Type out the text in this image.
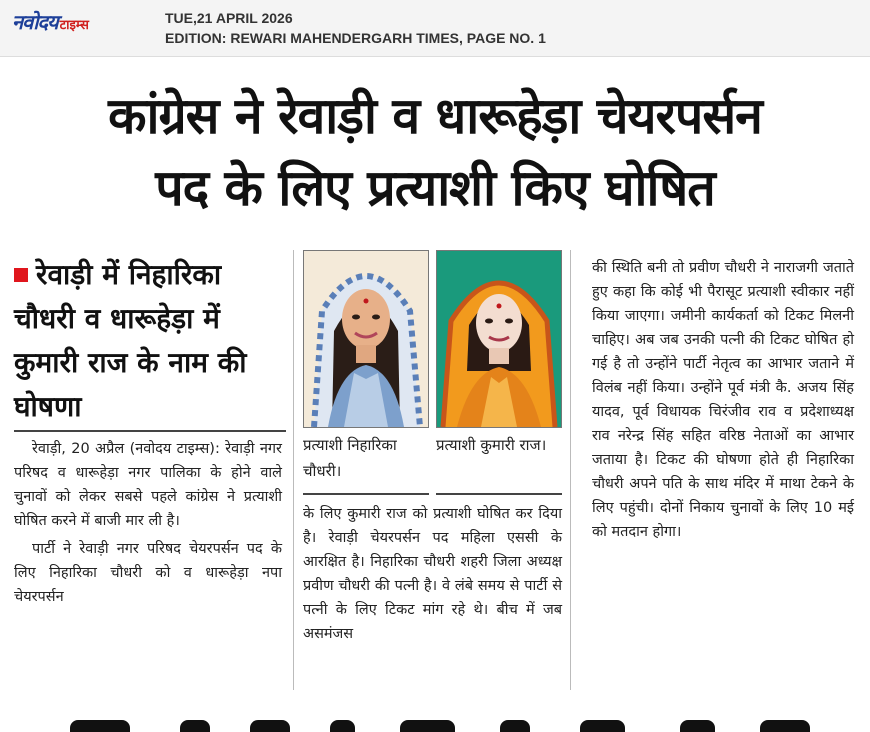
नवोदय टाइम्स	TUE,21 APRIL 2026
EDITION: REWARI MAHENDERGARH TIMES, PAGE NO. 1
कांग्रेस ने रेवाड़ी व धारूहेड़ा चेयरपर्सन
पद के लिए प्रत्याशी किए घोषित
रेवाड़ी में निहारिका चौधरी व धारूहेड़ा में कुमारी राज के नाम की घोषणा

रेवाड़ी, 20 अप्रैल (नवोदय टाइम्स): रेवाड़ी नगर परिषद व धारूहेड़ा नगर पालिका के होने वाले चुनावों को लेकर सबसे पहले कांग्रेस ने प्रत्याशी घोषित करने में बाजी मार ली है।

पार्टी ने रेवाड़ी नगर परिषद चेयरपर्सन पद के लिए निहारिका चौधरी को व धारूहेड़ा नपा चेयरपर्सन

प्रत्याशी निहारिका चौधरी।
प्रत्याशी कुमारी राज।
के लिए कुमारी राज को प्रत्याशी घोषित कर दिया है। रेवाड़ी चेयरपर्सन पद महिला एससी के आरक्षित है। निहारिका चौधरी शहरी जिला अध्यक्ष प्रवीण चौधरी की पत्नी है। वे लंबे समय से पार्टी से पत्नी के लिए टिकट मांग रहे थे। बीच में जब असमंजस
की स्थिति बनी तो प्रवीण चौधरी ने नाराजगी जताते हुए कहा कि कोई भी पैरासूट प्रत्याशी स्वीकार नहीं किया जाएगा। जमीनी कार्यकर्ता को टिकट मिलनी चाहिए। अब जब उनकी पत्नी की टिकट घोषित हो गई है तो उन्होंने पार्टी नेतृत्व का आभार जताने में विलंब नहीं किया। उन्होंने पूर्व मंत्री कै. अजय सिंह यादव, पूर्व विधायक चिरंजीव राव व प्रदेशाध्यक्ष राव नरेन्द्र सिंह सहित वरिष्ठ नेताओं का आभार जताया है। टिकट की घोषणा होते ही निहारिका चौधरी अपने पति के साथ मंदिर में माथा टेकने के लिए पहुंची। दोनों निकाय चुनावों के लिए 10 मई को मतदान होगा।
